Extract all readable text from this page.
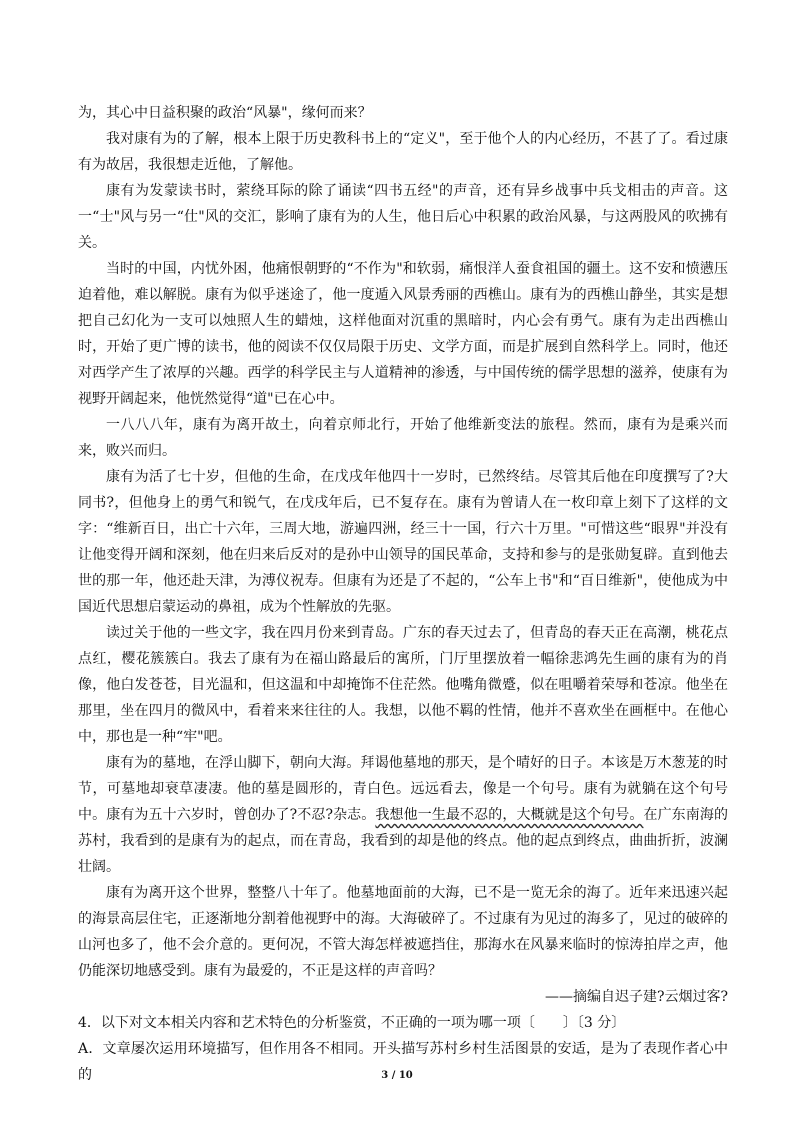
为，其心中日益积聚的政治“风暴"，缘何而来？

我对康有为的了解，根本上限于历史教科书上的“定义"，至于他个人的内心经历，不甚了了。看过康有为故居，我很想走近他，了解他。

康有为发蒙读书时，萦绕耳际的除了诵读“四书五经"的声音，还有异乡战事中兵戈相击的声音。这一“士"风与另一“仕"风的交汇，影响了康有为的人生，他日后心中积累的政治风暴，与这两股风的吹拂有关。

当时的中国，内忧外困，他痛恨朝野的“不作为"和软弱，痛恨洋人蚕食祖国的疆土。这不安和愤懑压迫着他，难以解脱。康有为似乎迷途了，他一度遁入风景秀丽的西樵山。康有为的西樵山静坐，其实是想把自己幻化为一支可以烛照人生的蜡烛，这样他面对沉重的黑暗时，内心会有勇气。康有为走出西樵山时，开始了更广博的读书，他的阅读不仅仅局限于历史、文学方面，而是扩展到自然科学上。同时，他还对西学产生了浓厚的兴趣。西学的科学民主与人道精神的渗透，与中国传统的儒学思想的滋养，使康有为视野开阔起来，他恍然觉得“道"已在心中。

一八八八年，康有为离开故土，向着京师北行，开始了他维新变法的旅程。然而，康有为是乘兴而来，败兴而归。

康有为活了七十岁，但他的生命，在戊戌年他四十一岁时，已然终结。尽管其后他在印度撰写了?大同书?，但他身上的勇气和锐气，在戊戌年后，已不复存在。康有为曾请人在一枚印章上刻下了这样的文字：“维新百日，出亡十六年，三周大地，游遍四洲，经三十一国，行六十万里。"可惜这些“眼界"并没有让他变得开阔和深刻，他在归来后反对的是孙中山领导的国民革命，支持和参与的是张勋复辟。直到他去世的那一年，他还赴天津，为溥仪祝寿。但康有为还是了不起的，“公车上书"和“百日维新"，使他成为中国近代思想启蒙运动的鼻祖，成为个性解放的先驱。

读过关于他的一些文字，我在四月份来到青岛。广东的春天过去了，但青岛的春天正在高潮，桃花点点红，樱花簇簇白。我去了康有为在福山路最后的寓所，门厅里摆放着一幅徐悲鸿先生画的康有为的肖像，他白发苍苍，目光温和，但这温和中却掩饰不住茫然。他嘴角微蹙，似在咀嚼着荣辱和苍凉。他坐在那里，坐在四月的微风中，看着来来往往的人。我想，以他不羁的性情，他并不喜欢坐在画框中。在他心中，那也是一种“牢"吧。

康有为的墓地，在浮山脚下，朝向大海。拜谒他墓地的那天，是个晴好的日子。本该是万木葱茏的时节，可墓地却衰草凄凄。他的墓是圆形的，青白色。远远看去，像是一个句号。康有为就躺在这个句号中。康有为五十六岁时，曾创办了?不忍?杂志。我想他一生最不忍的，大概就是这个句号。在广东南海的苏村，我看到的是康有为的起点，而在青岛，我看到的却是他的终点。他的起点到终点，曲曲折折，波澜壮阔。

康有为离开这个世界，整整八十年了。他墓地面前的大海，已不是一览无余的海了。近年来迅速兴起的海景高层住宅，正逐渐地分割着他视野中的海。大海破碎了。不过康有为见过的海多了，见过的破碎的山河也多了，他不会介意的。更何况，不管大海怎样被遮挡住，那海水在风暴来临时的惊涛拍岸之声，他仍能深切地感受到。康有为最爱的，不正是这样的声音吗？

——摘编自迟子建?云烟过客?

4．以下对文本相关内容和艺术特色的分析鉴赏，不正确的一项为哪一项〔　　〕〔3 分〕

A．文章屡次运用环境描写，但作用各不相同。开头描写苏村乡村生活图景的安适，是为了表现作者心中的	3 / 10
